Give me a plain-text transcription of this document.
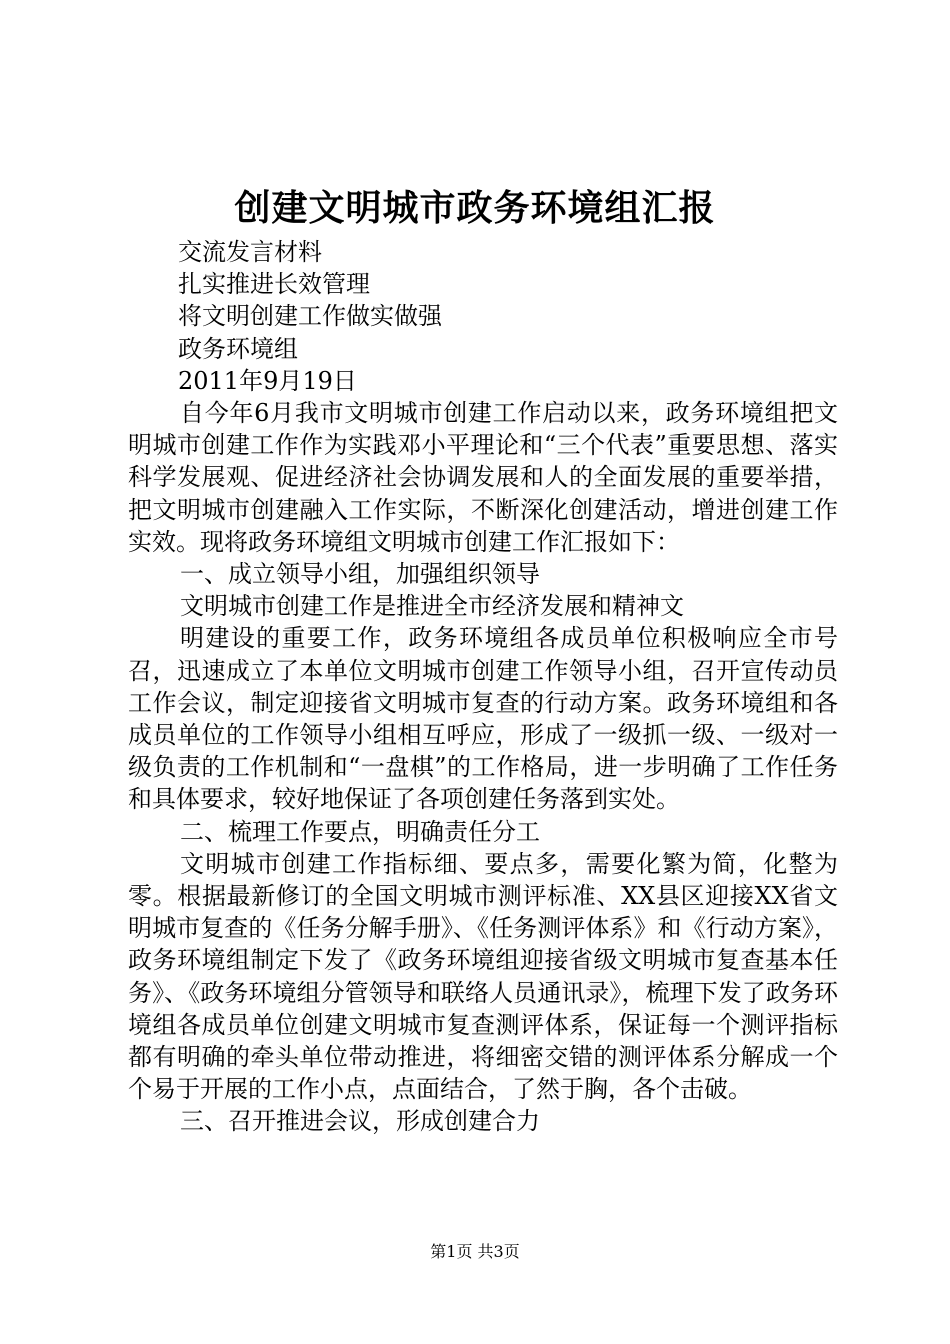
创建文明城市政务环境组汇报

交流发言材料

扎实推进长效管理

将文明创建工作做实做强

政务环境组

2011年9月19日

自今年6月我市文明城市创建工作启动以来，政务环境组把文明城市创建工作作为实践邓小平理论和“三个代表”重要思想、落实科学发展观、促进经济社会协调发展和人的全面发展的重要举措，把文明城市创建融入工作实际，不断深化创建活动，增进创建工作实效。现将政务环境组文明城市创建工作汇报如下：

一、成立领导小组，加强组织领导

文明城市创建工作是推进全市经济发展和精神文

明建设的重要工作，政务环境组各成员单位积极响应全市号召，迅速成立了本单位文明城市创建工作领导小组，召开宣传动员工作会议，制定迎接省文明城市复查的行动方案。政务环境组和各成员单位的工作领导小组相互呼应，形成了一级抓一级、一级对一级负责的工作机制和“一盘棋”的工作格局，进一步明确了工作任务和具体要求，较好地保证了各项创建任务落到实处。

二、梳理工作要点，明确责任分工

文明城市创建工作指标细、要点多，需要化繁为简，化整为零。根据最新修订的全国文明城市测评标准、XX县区迎接XX省文明城市复查的《任务分解手册》、《任务测评体系》和《行动方案》，政务环境组制定下发了《政务环境组迎接省级文明城市复查基本任务》、《政务环境组分管领导和联络人员通讯录》，梳理下发了政务环境组各成员单位创建文明城市复查测评体系，保证每一个测评指标都有明确的牵头单位带动推进，将细密交错的测评体系分解成一个个易于开展的工作小点，点面结合，了然于胸，各个击破。

三、召开推进会议，形成创建合力

第1页 共3页
